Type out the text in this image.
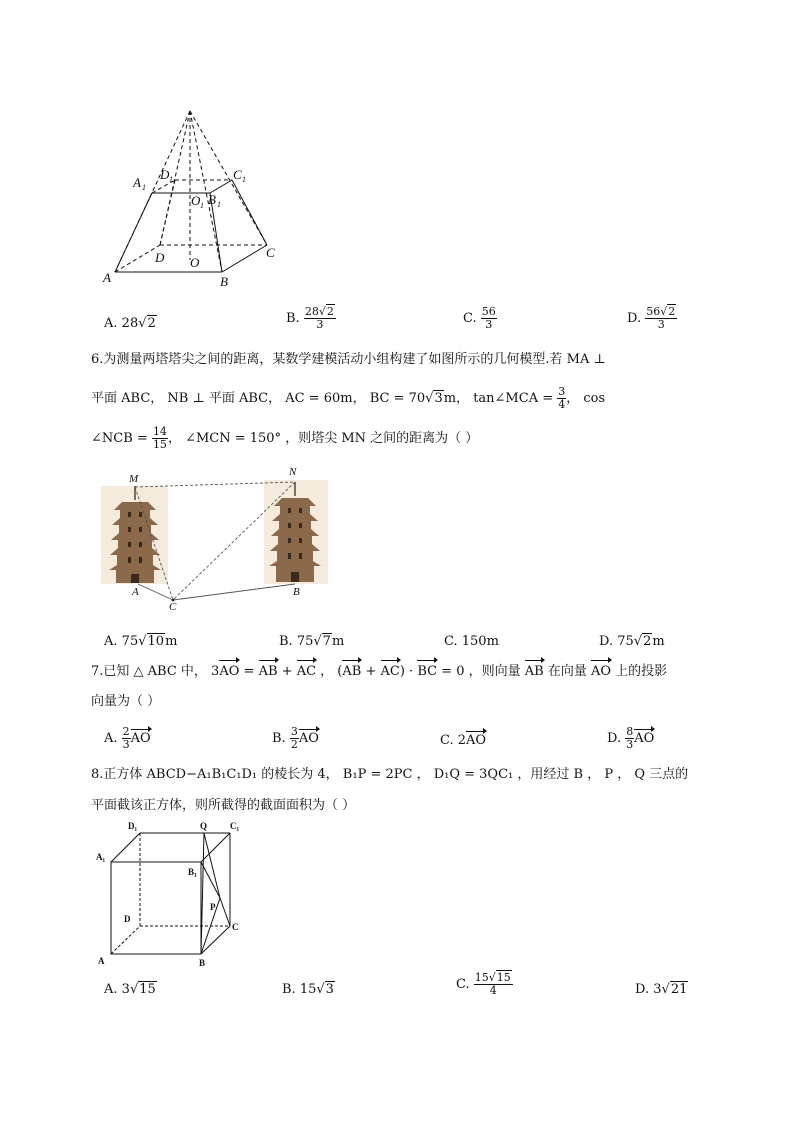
A 1
D 1	C 1
O 1 B 1
D O
C
A	B
A. 28√2	B. $\frac{28√2}{3}$	C. $\frac{56}{3}$	D. $\frac{56√2}{3}$
6.为测量两塔塔尖之间的距离，某数学建模活动小组构建了如图所示的几何模型.若 MA ⊥
平面 ABC， NB ⊥ 平面 ABC， AC = 60m， BC = 70√3m， tan∠MCA = $\frac{3}{4}$ ， cos
∠NCB = $\frac{14}{15}$ ， ∠MCN = 150° ，则塔尖 MN 之间的距离为（ ）
M
N
A	B
C
A. 75√10m	B. 75√7m	C. 150m	D. 75√2m
7.已知 △ ABC 中， 3AO = AB + AC ， (AB + AC) · BC = 0 ，则向量 AB 在向量 AO 上的投影
向量为（ ）
A. $\frac{2}{3}$ AO	B. $\frac{3}{2}$ AO	C. 2AO	D. $\frac{8}{3}$ AO
8.正方体 ABCD−A₁B₁C₁D₁ 的棱长为 4， B₁P = 2PC ， D₁Q = 3QC₁ ，用经过 B ， P ， Q 三点的
平面截该正方体，则所截得的截面面积为（ ）
D₁	Q	C₁
A₁
B₁
D
P
C
A	B
A. 3√15	B. 15√3	C. $\frac{15√15}{4}$	D. 3√21
